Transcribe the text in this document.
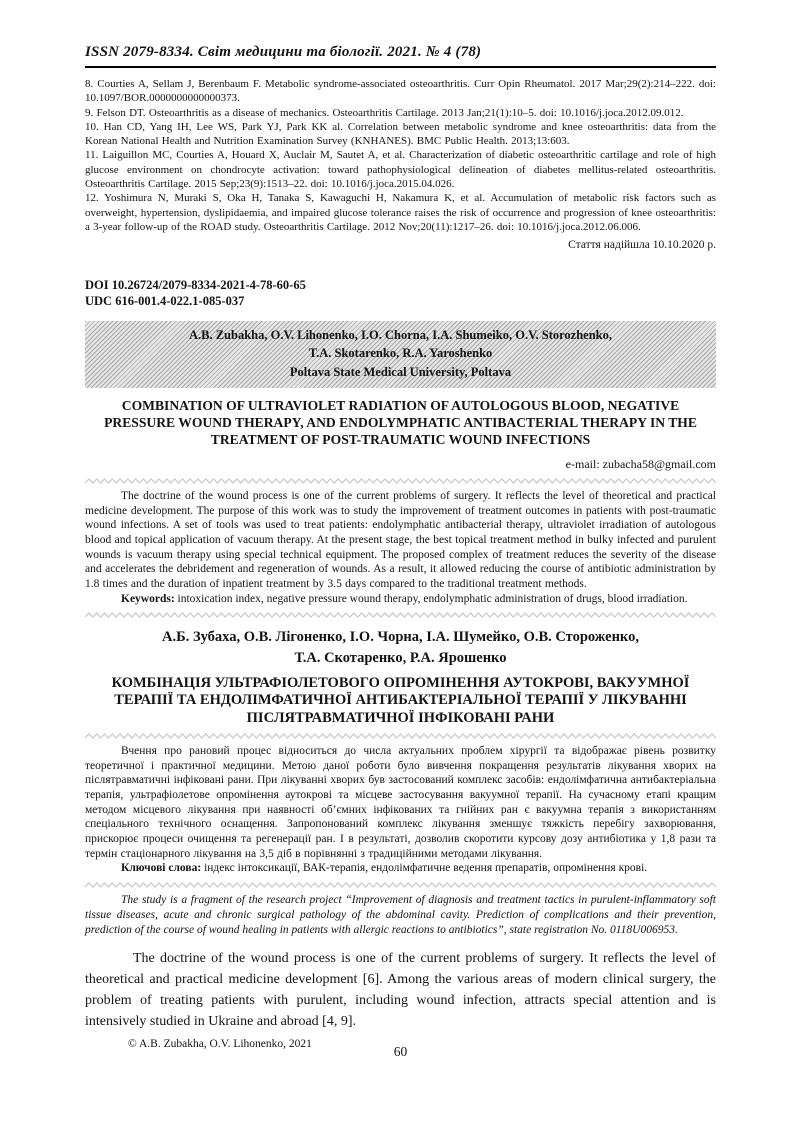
ISSN 2079-8334. Світ медицини та біології. 2021. № 4 (78)

8. Courties A, Sellam J, Berenbaum F. Metabolic syndrome-associated osteoarthritis. Curr Opin Rheumatol. 2017 Mar;29(2):214–222. doi: 10.1097/BOR.0000000000000373.

9. Felson DT. Osteoarthritis as a disease of mechanics. Osteoarthritis Cartilage. 2013 Jan;21(1):10–5. doi: 10.1016/j.joca.2012.09.012.

10. Han CD, Yang IH, Lee WS, Park YJ, Park KK al. Correlation between metabolic syndrome and knee osteoarthritis: data from the Korean National Health and Nutrition Examination Survey (KNHANES). BMC Public Health. 2013;13:603.

11. Laiguillon MC, Courties A, Houard X, Auclair M, Sautet A, et al. Characterization of diabetic osteoarthritic cartilage and role of high glucose environment on chondrocyte activation: toward pathophysiological delineation of diabetes mellitus-related osteoarthritis. Osteoarthritis Cartilage. 2015 Sep;23(9):1513–22. doi: 10.1016/j.joca.2015.04.026.

12. Yoshimura N, Muraki S, Oka H, Tanaka S, Kawaguchi H, Nakamura K, et al. Accumulation of metabolic risk factors such as overweight, hypertension, dyslipidaemia, and impaired glucose tolerance raises the risk of occurrence and progression of knee osteoarthritis: a 3-year follow-up of the ROAD study. Osteoarthritis Cartilage. 2012 Nov;20(11):1217–26. doi: 10.1016/j.joca.2012.06.006.

Стаття надійшла 10.10.2020 р.
DOI 10.26724/2079-8334-2021-4-78-60-65
UDC 616-001.4-022.1-085-037
A.B. Zubakha, O.V. Lihonenko, I.O. Chorna, I.A. Shumeiko, O.V. Storozhenko,
T.A. Skotarenko, R.A. Yaroshenko
Poltava State Medical University, Poltava
COMBINATION OF ULTRAVIOLET RADIATION OF AUTOLOGOUS BLOOD, NEGATIVE PRESSURE WOUND THERAPY, AND ENDOLYMPHATIC ANTIBACTERIAL THERAPY IN THE TREATMENT OF POST-TRAUMATIC WOUND INFECTIONS
e-mail: zubacha58@gmail.com

The doctrine of the wound process is one of the current problems of surgery. It reflects the level of theoretical and practical medicine development. The purpose of this work was to study the improvement of treatment outcomes in patients with post-traumatic wound infections. A set of tools was used to treat patients: endolymphatic antibacterial therapy, ultraviolet irradiation of autologous blood and topical application of vacuum therapy. At the present stage, the best topical treatment method in bulky infected and purulent wounds is vacuum therapy using special technical equipment. The proposed complex of treatment reduces the severity of the disease and accelerates the debridement and regeneration of wounds. As a result, it allowed reducing the course of antibiotic administration by 1.8 times and the duration of inpatient treatment by 3.5 days compared to the traditional treatment methods.

Keywords: intoxication index, negative pressure wound therapy, endolymphatic administration of drugs, blood irradiation.

А.Б. Зубаха, О.В. Лігоненко, І.О. Чорна, І.А. Шумейко, О.В. Стороженко,
Т.А. Скотаренко, Р.А. Ярошенко
КОМБІНАЦІЯ УЛЬТРАФІОЛЕТОВОГО ОПРОМІНЕННЯ АУТОКРОВІ, ВАКУУМНОЇ ТЕРАПІЇ ТА ЕНДОЛІМФАТИЧНОЇ АНТИБАКТЕРІАЛЬНОЇ ТЕРАПІЇ У ЛІКУВАННІ ПІСЛЯТРАВМАТИЧНОЇ ІНФІКОВАНІ РАНИ

Вчення про рановий процес відноситься до числа актуальних проблем хірургії та відображає рівень розвитку теоретичної і практичної медицини. Метою даної роботи було вивчення покращення результатів лікування хворих на післятравматичні інфіковані рани. При лікуванні хворих був застосований комплекс засобів: ендолімфатична антибактеріальна терапія, ультрафіолетове опромінення аутокрові та місцеве застосування вакуумної терапії. На сучасному етапі кращим методом місцевого лікування при наявності об’ємних інфікованих та гнійних ран є вакуумна терапія з використанням спеціального технічного оснащення. Запропонований комплекс лікування зменшує тяжкість перебігу захворювання, прискорює процеси очищення та регенерації ран. І в результаті, дозволив скоротити курсову дозу антибіотика у 1,8 рази та термін стаціонарного лікування на 3,5 діб в порівнянні з традиційними методами лікування.

Ключові слова: індекс інтоксикації, ВАК-терапія, ендолімфатичне ведення препаратів, опромінення крові.

The study is a fragment of the research project “Improvement of diagnosis and treatment tactics in purulent-inflammatory soft tissue diseases, acute and chronic surgical pathology of the abdominal cavity. Prediction of complications and their prevention, prediction of the course of wound healing in patients with allergic reactions to antibiotics”, state registration No. 0118U006953.

The doctrine of the wound process is one of the current problems of surgery. It reflects the level of theoretical and practical medicine development [6]. Among the various areas of modern clinical surgery, the problem of treating patients with purulent, including wound infection, attracts special attention and is intensively studied in Ukraine and abroad [4, 9].

© A.B. Zubakha, O.V. Lihonenko, 2021	60
